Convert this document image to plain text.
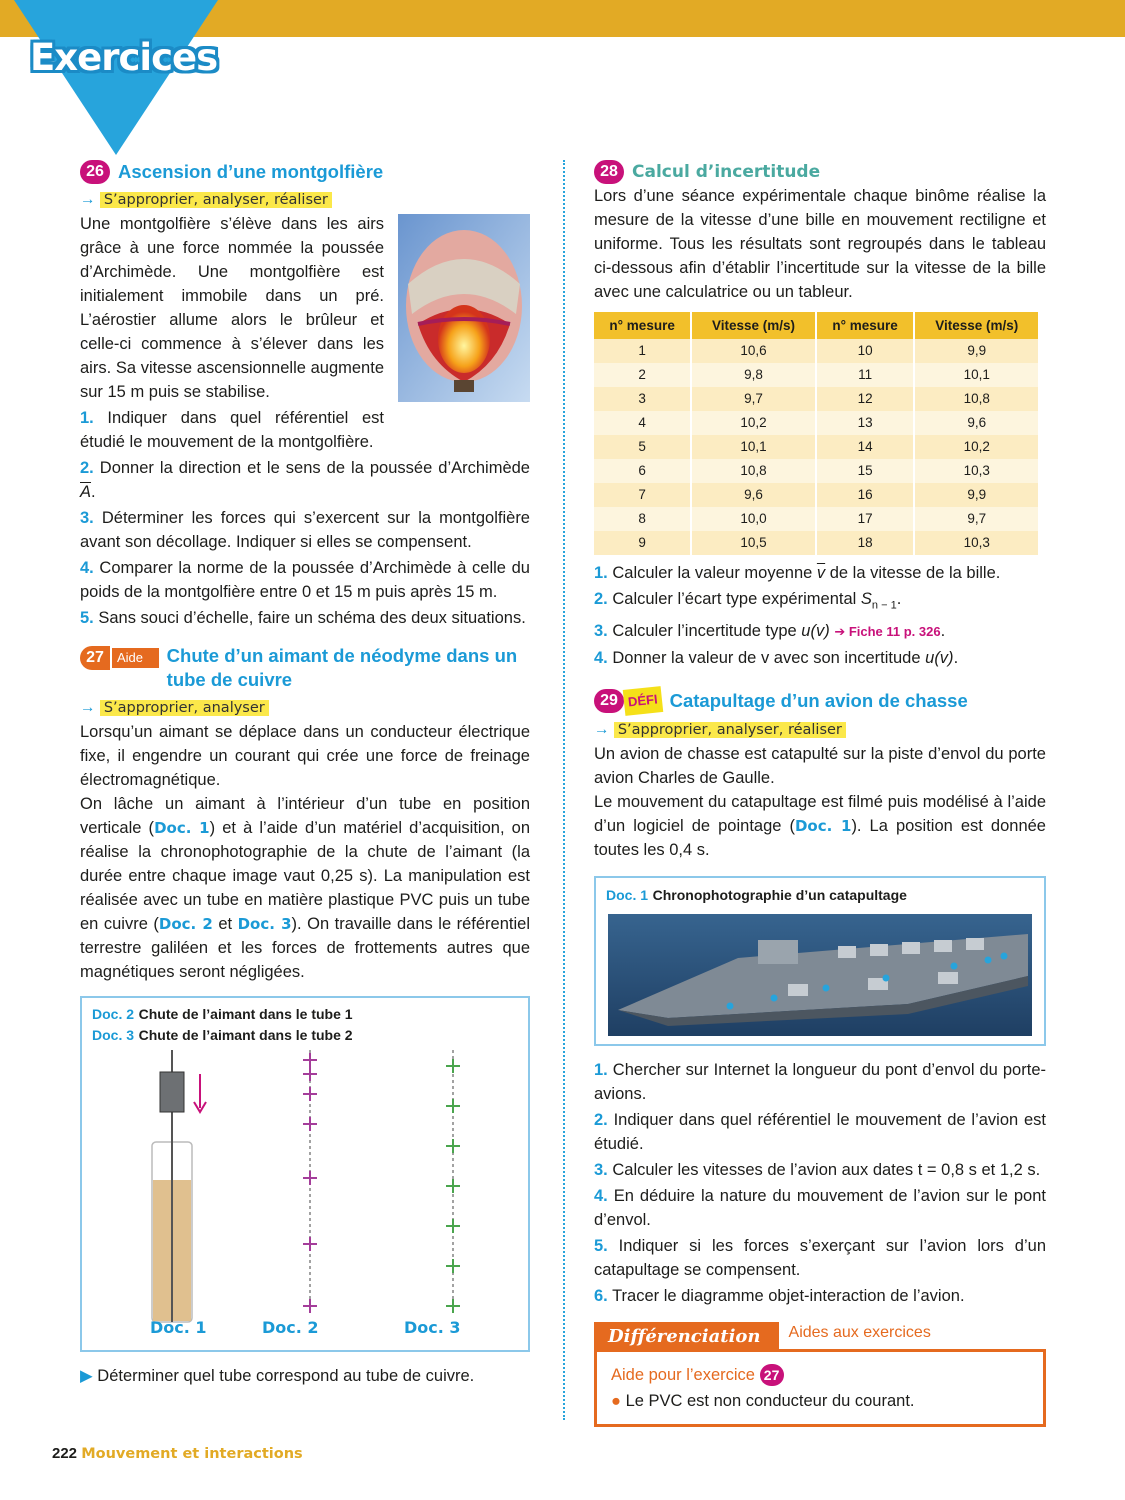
Exercices
26 Ascension d’une montgolfière
→ S’approprier, analyser, réaliser

Une montgolfière s’élève dans les airs grâce à une force nommée la poussée d’Archimède. Une montgolfière est initialement immobile dans un pré. L’aérostier allume alors le brûleur et celle-ci commence à s’élever dans les airs. Sa vitesse ascensionnelle augmente sur 15 m puis se stabilise.

1. Indiquer dans quel référentiel est étudié le mouvement de la montgolfière.
2. Donner la direction et le sens de la poussée d’Archimède $\overline{A}$.
3. Déterminer les forces qui s’exercent sur la montgolfière avant son décollage. Indiquer si elles se compensent.
4. Comparer la norme de la poussée d’Archimède à celle du poids de la montgolfière entre 0 et 15 m puis après 15 m.
5. Sans souci d’échelle, faire un schéma des deux situations.
27	Aide p.222
Chute d’un aimant de néodyme dans un tube de cuivre
→ S’approprier, analyser

Lorsqu’un aimant se déplace dans un conducteur électrique fixe, il engendre un courant qui crée une force de freinage électromagnétique.

On lâche un aimant à l’intérieur d’un tube en position verticale (Doc. 1) et à l’aide d’un matériel d’acquisition, on réalise la chronophotographie de la chute de l’aimant (la durée entre chaque image vaut 0,25 s). La manipulation est réalisée avec un tube en matière plastique PVC puis un tube en cuivre (Doc. 2 et Doc. 3). On travaille dans le référentiel terrestre galiléen et les forces de frottements autres que magnétiques seront négligées.

Doc. 2 Chute de l’aimant dans le tube 1
Doc. 3 Chute de l’aimant dans le tube 2
Doc. 1	Doc. 2	Doc. 3
▶ Déterminer quel tube correspond au tube de cuivre.
28 Calcul d’incertitude

Lors d’une séance expérimentale chaque binôme réalise la mesure de la vitesse d’une bille en mouvement rectiligne et uniforme. Tous les résultats sont regroupés dans le tableau ci-dessous afin d’établir l’incertitude sur la vitesse de la bille avec une calculatrice ou un tableur.

n° mesure	Vitesse (m/s)	n° mesure	Vitesse (m/s)
1	10,6	10	9,9
2	9,8	11	10,1
3	9,7	12	10,8
4	10,2	13	9,6
5	10,1	14	10,2
6	10,8	15	10,3
7	9,6	16	9,9
8	10,0	17	9,7
9	10,5	18	10,3
1. Calculer la valeur moyenne $\overline{v}$ de la vitesse de la bille.
2. Calculer l’écart type expérimental $S_{n - 1}$.
3. Calculer l’incertitude type u(v) ➔ Fiche 11 p. 326.
4. Donner la valeur de v avec son incertitude u(v).
29 DÉFI Catapultage d’un avion de chasse
→ S’approprier, analyser, réaliser

Un avion de chasse est catapulté sur la piste d’envol du porte avion Charles de Gaulle.

Le mouvement du catapultage est filmé puis modélisé à l’aide d’un logiciel de pointage (Doc. 1). La position est donnée toutes les 0,4 s.

Doc. 1 Chronophotographie d’un catapultage
1. Chercher sur Internet la longueur du pont d’envol du porte-avions.
2. Indiquer dans quel référentiel le mouvement de l’avion est étudié.
3. Calculer les vitesses de l’avion aux dates t = 0,8 s et 1,2 s.
4. En déduire la nature du mouvement de l’avion sur le pont d’envol.
5. Indiquer si les forces s’exerçant sur l’avion lors d’un catapultage se compensent.
6. Tracer le diagramme objet-interaction de l’avion.
Différenciation Aides aux exercices
Aide pour l’exercice 27
● Le PVC est non conducteur du courant.
222 Mouvement et interactions
